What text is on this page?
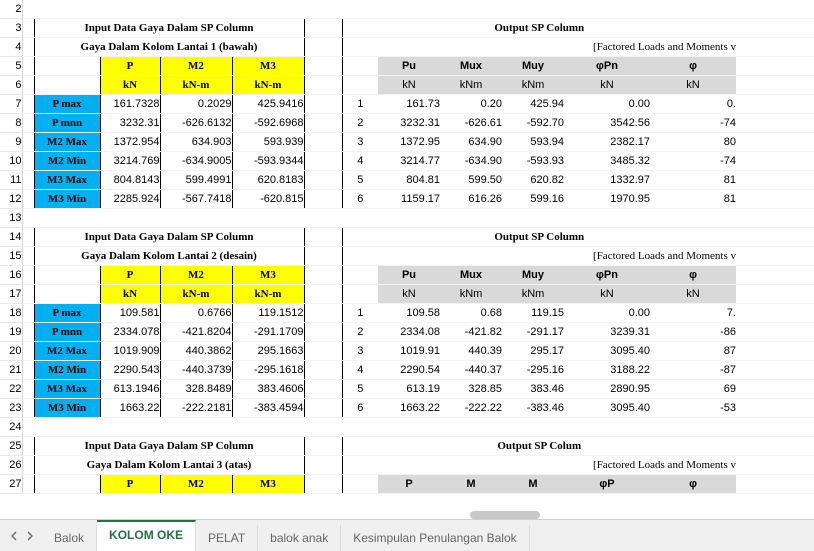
2													
3		Input Data Gaya Dalam SP Column					Output SP Column						
4		Gaya Dalam Kolom Lantai 1 (bawah)					[Factored Loads and Moments v						
5			P	M2	M3			Pu	Mux	Muy	φPn	φ	
6			kN	kN-m	kN-m			kN	kNm	kNm	kN	kN	
7		P max	161.7328	0.2029	425.9416		1	161.73	0.20	425.94	0.00	0.	
8		P mnn	3232.31	-626.6132	-592.6968		2	3232.31	-626.61	-592.70	3542.56	-74	
9		M2 Max	1372.954	634.903	593.939		3	1372.95	634.90	593.94	2382.17	80	
10		M2 Min	3214.769	-634.9005	-593.9344		4	3214.77	-634.90	-593.93	3485.32	-74	
11		M3 Max	804.8143	599.4991	620.8183		5	804.81	599.50	620.82	1332.97	81	
12		M3 Min	2285.924	-567.7418	-620.815		6	1159.17	616.26	599.16	1970.95	81	
13													
14		Input Data Gaya Dalam SP Column					Output SP Column						
15		Gaya Dalam Kolom Lantai 2 (desain)					[Factored Loads and Moments v						
16			P	M2	M3			Pu	Mux	Muy	φPn	φ	
17			kN	kN-m	kN-m			kN	kNm	kNm	kN	kN	
18		P max	109.581	0.6766	119.1512		1	109.58	0.68	119.15	0.00	7.	
19		P mnn	2334.078	-421.8204	-291.1709		2	2334.08	-421.82	-291.17	3239.31	-86	
20		M2 Max	1019.909	440.3862	295.1663		3	1019.91	440.39	295.17	3095.40	87	
21		M2 Min	2290.543	-440.3739	-295.1618		4	2290.54	-440.37	-295.16	3188.22	-87	
22		M3 Max	613.1946	328.8489	383.4606		5	613.19	328.85	383.46	2890.95	69	
23		M3 Min	1663.22	-222.2181	-383.4594		6	1663.22	-222.22	-383.46	3095.40	-53	
24													
25		Input Data Gaya Dalam SP Column					Output SP Colum						
26		Gaya Dalam Kolom Lantai 3 (atas)					[Factored Loads and Moments v						
27			P	M2	M3			P	M	M	φP	φ	
Balok	KOLOM OKE	PELAT	balok anak	Kesimpulan Penulangan Balok
